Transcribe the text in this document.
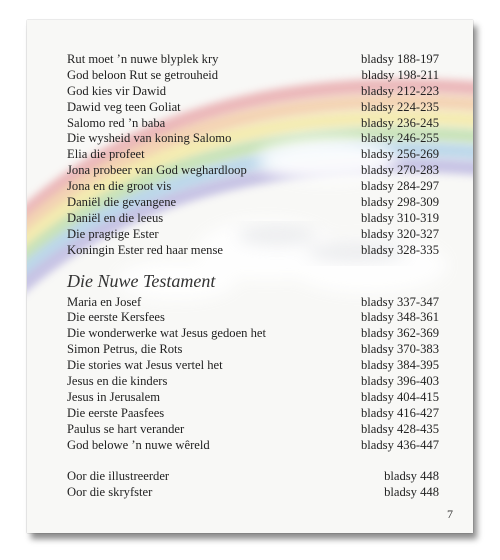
Rut moet ’n nuwe blyplek kry	bladsy 188-197
God beloon Rut se getrouheid	bladsy 198-211
God kies vir Dawid	bladsy 212-223
Dawid veg teen Goliat	bladsy 224-235
Salomo red ’n baba	bladsy 236-245
Die wysheid van koning Salomo	bladsy 246-255
Elia die profeet	bladsy 256-269
Jona probeer van God weghardloop	bladsy 270-283
Jona en die groot vis	bladsy 284-297
Daniël die gevangene	bladsy 298-309
Daniël en die leeus	bladsy 310-319
Die pragtige Ester	bladsy 320-327
Koningin Ester red haar mense	bladsy 328-335
Die Nuwe Testament
Maria en Josef	bladsy 337-347
Die eerste Kersfees	bladsy 348-361
Die wonderwerke wat Jesus gedoen het	bladsy 362-369
Simon Petrus, die Rots	bladsy 370-383
Die stories wat Jesus vertel het	bladsy 384-395
Jesus en die kinders	bladsy 396-403
Jesus in Jerusalem	bladsy 404-415
Die eerste Paasfees	bladsy 416-427
Paulus se hart verander	bladsy 428-435
God belowe ’n nuwe wêreld	bladsy 436-447
Oor die illustreerder	bladsy 448
Oor die skryfster	bladsy 448
7
